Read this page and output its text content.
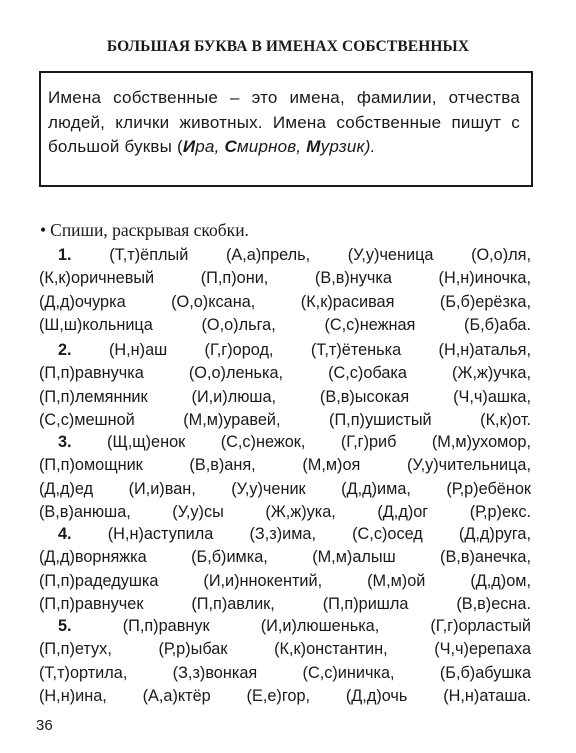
БОЛЬШАЯ БУКВА В ИМЕНАХ СОБСТВЕННЫХ
Имена собственные – это имена, фамилии, отчества людей, клички животных. Имена собственные пишут с большой буквы (Ира, Смирнов, Мурзик).
• Спиши, раскрывая скобки.
1. (Т,т)ёплый (А,а)прель, (У,у)ченица (О,о)ля,
(К,к)оричневый (П,п)они, (В,в)нучка (Н,н)иночка,
(Д,д)очурка (О,о)ксана, (К,к)расивая (Б,б)ерёзка,
(Ш,ш)кольница (О,о)льга, (С,с)нежная (Б,б)аба.
2. (Н,н)аш (Г,г)ород, (Т,т)ётенька (Н,н)аталья,
(П,п)равнучка (О,о)ленька, (С,с)обака (Ж,ж)учка,
(П,п)лемянник (И,и)люша, (В,в)ысокая (Ч,ч)ашка,
(С,с)мешной (М,м)уравей, (П,п)ушистый (К,к)от.
3. (Щ,щ)енок (С,с)нежок, (Г,г)риб (М,м)ухомор,
(П,п)омощник (В,в)аня, (М,м)оя (У,у)чительница,
(Д,д)ед (И,и)ван, (У,у)ченик (Д,д)има, (Р,р)ебёнок
(В,в)анюша, (У,у)сы (Ж,ж)ука, (Д,д)ог (Р,р)екс.
4. (Н,н)аступила (З,з)има, (С,с)осед (Д,д)руга,
(Д,д)ворняжка (Б,б)имка, (М,м)алыш (В,в)анечка,
(П,п)радедушка (И,и)ннокентий, (М,м)ой (Д,д)ом,
(П,п)равнучек (П,п)авлик, (П,п)ришла (В,в)есна.
5.	(П,п)равнук (И,и)люшенька, (Г,г)орластый
(П,п)етух, (Р,р)ыбак (К,к)онстантин, (Ч,ч)ерепаха
(Т,т)ортила, (З,з)вонкая (С,с)иничка, (Б,б)абушка
(Н,н)ина, (А,а)ктёр (Е,е)гор, (Д,д)очь (Н,н)аташа.
36
